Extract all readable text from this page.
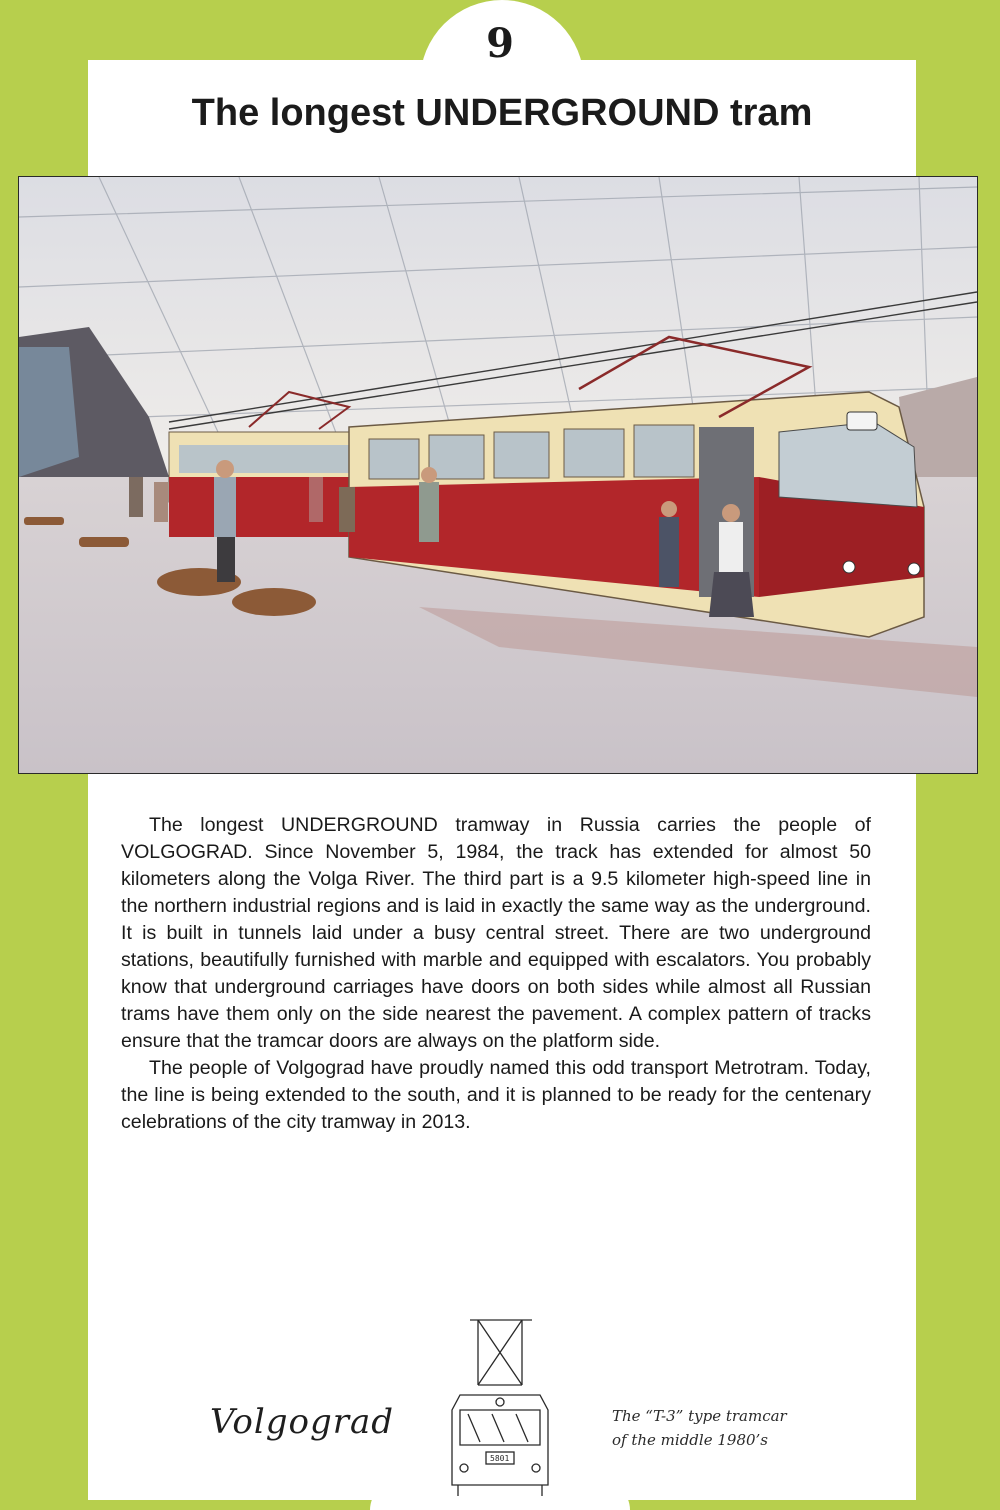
9
The longest UNDERGROUND tram

The longest UNDERGROUND tramway in Russia carries the people of VOLGOGRAD. Since November 5, 1984, the track has extended for almost 50 kilometers along the Volga River. The third part is a 9.5 kilometer high-speed line in the northern industrial regions and is laid in exactly the same way as the underground. It is built in tunnels laid under a busy central street. There are two underground stations, beautifully furnished with marble and equipped with escalators. You probably know that underground carriages have doors on both sides while almost all Russian trams have them only on the side nearest the pavement. A complex pattern of tracks ensure that the tramcar doors are always on the platform side.

The people of Volgograd have proudly named this odd transport Metrotram. Today, the line is being extended to the south, and it is planned to be ready for the centenary celebrations of the city tramway in 2013.

5801
Volgograd	The “T-3” type tramcar
of the middle 1980’s
